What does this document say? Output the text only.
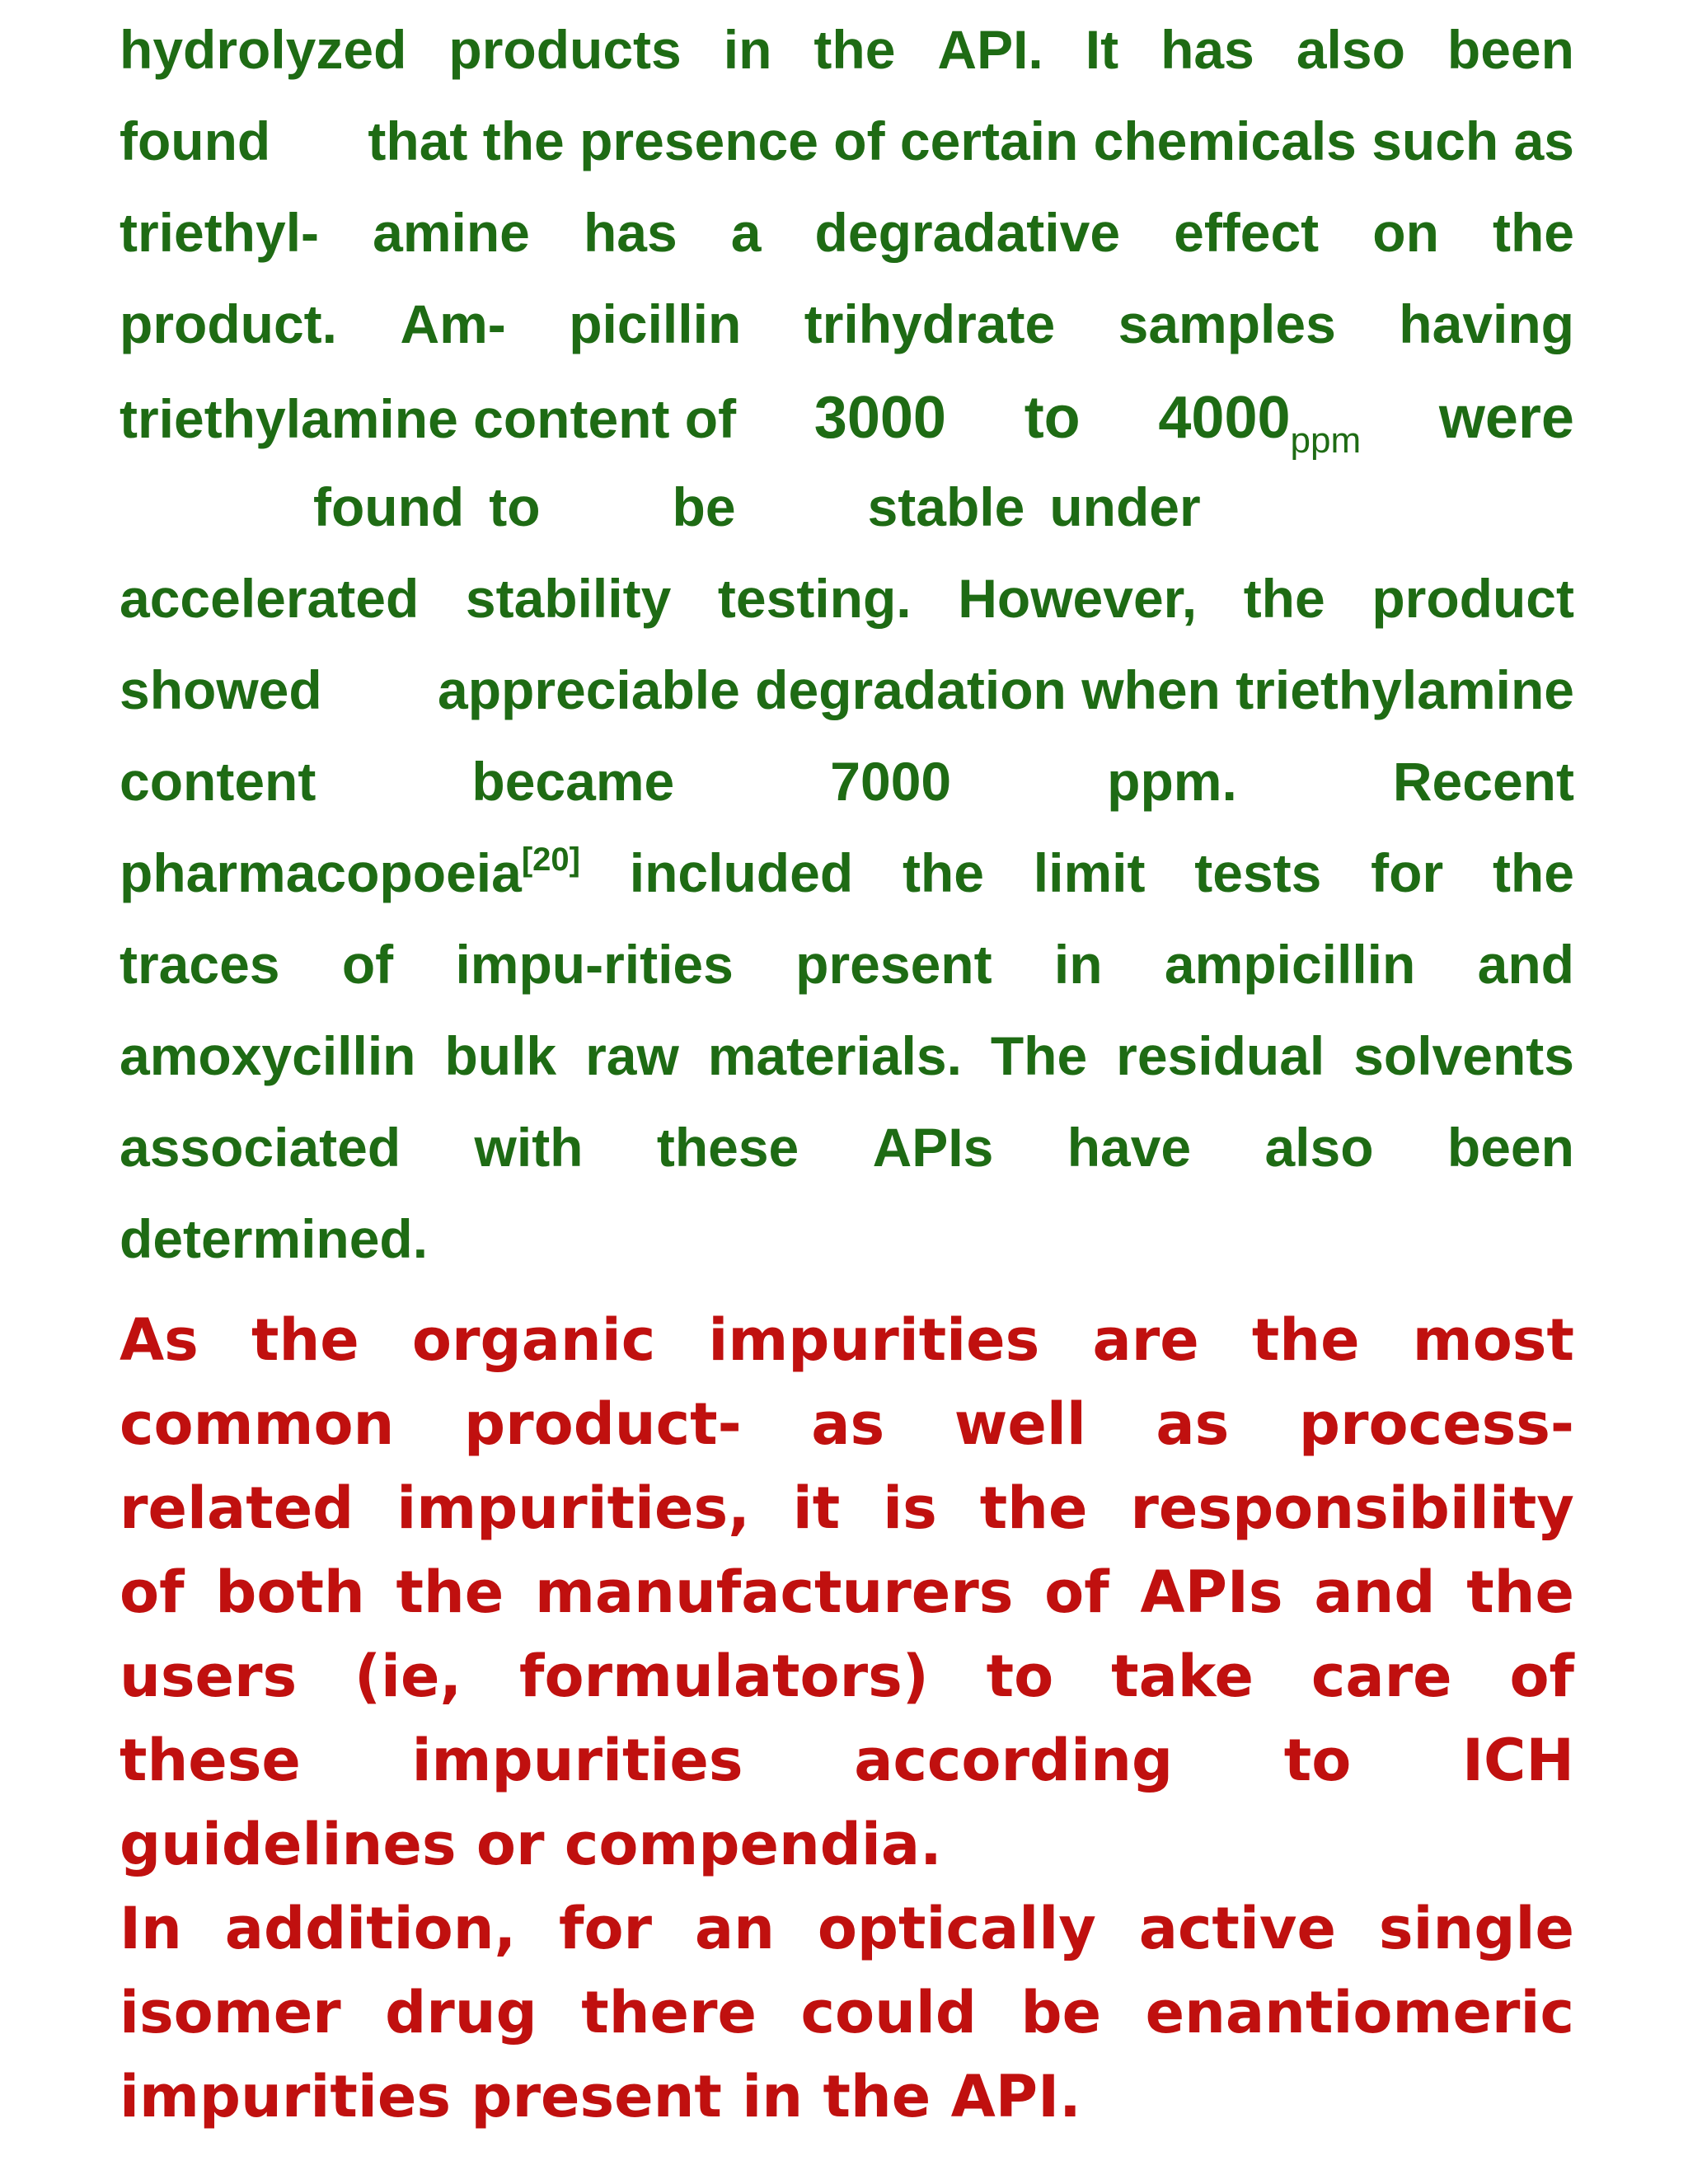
hydrolyzed products in the API. It has also been
found that the presence of certain chemicals such as
triethyl- amine has a degradative effect on the
product. Am- picillin trihydrate samples having
triethylamine content of 3000 to $4000_{ppm}$ were
found to be stable under
accelerated stability testing. However, the product
showed appreciable degradation when triethylamine
content	became	7000	ppm.	Recent
pharmacopoeia[20] included the limit tests for the
traces of impu-rities present in ampicillin and
amoxycillin bulk raw materials. The residual solvents
associated with these APIs have also been
determined.
As the organic impurities are the most
common product- as well as process-
related impurities, it is the responsibility
of both the manufacturers of APIs and the
users (ie, formulators) to take care of
these impurities according to ICH
guidelines or compendia.
In addition, for an optically active single
isomer drug there could be enantiomeric
impurities present in the API.
